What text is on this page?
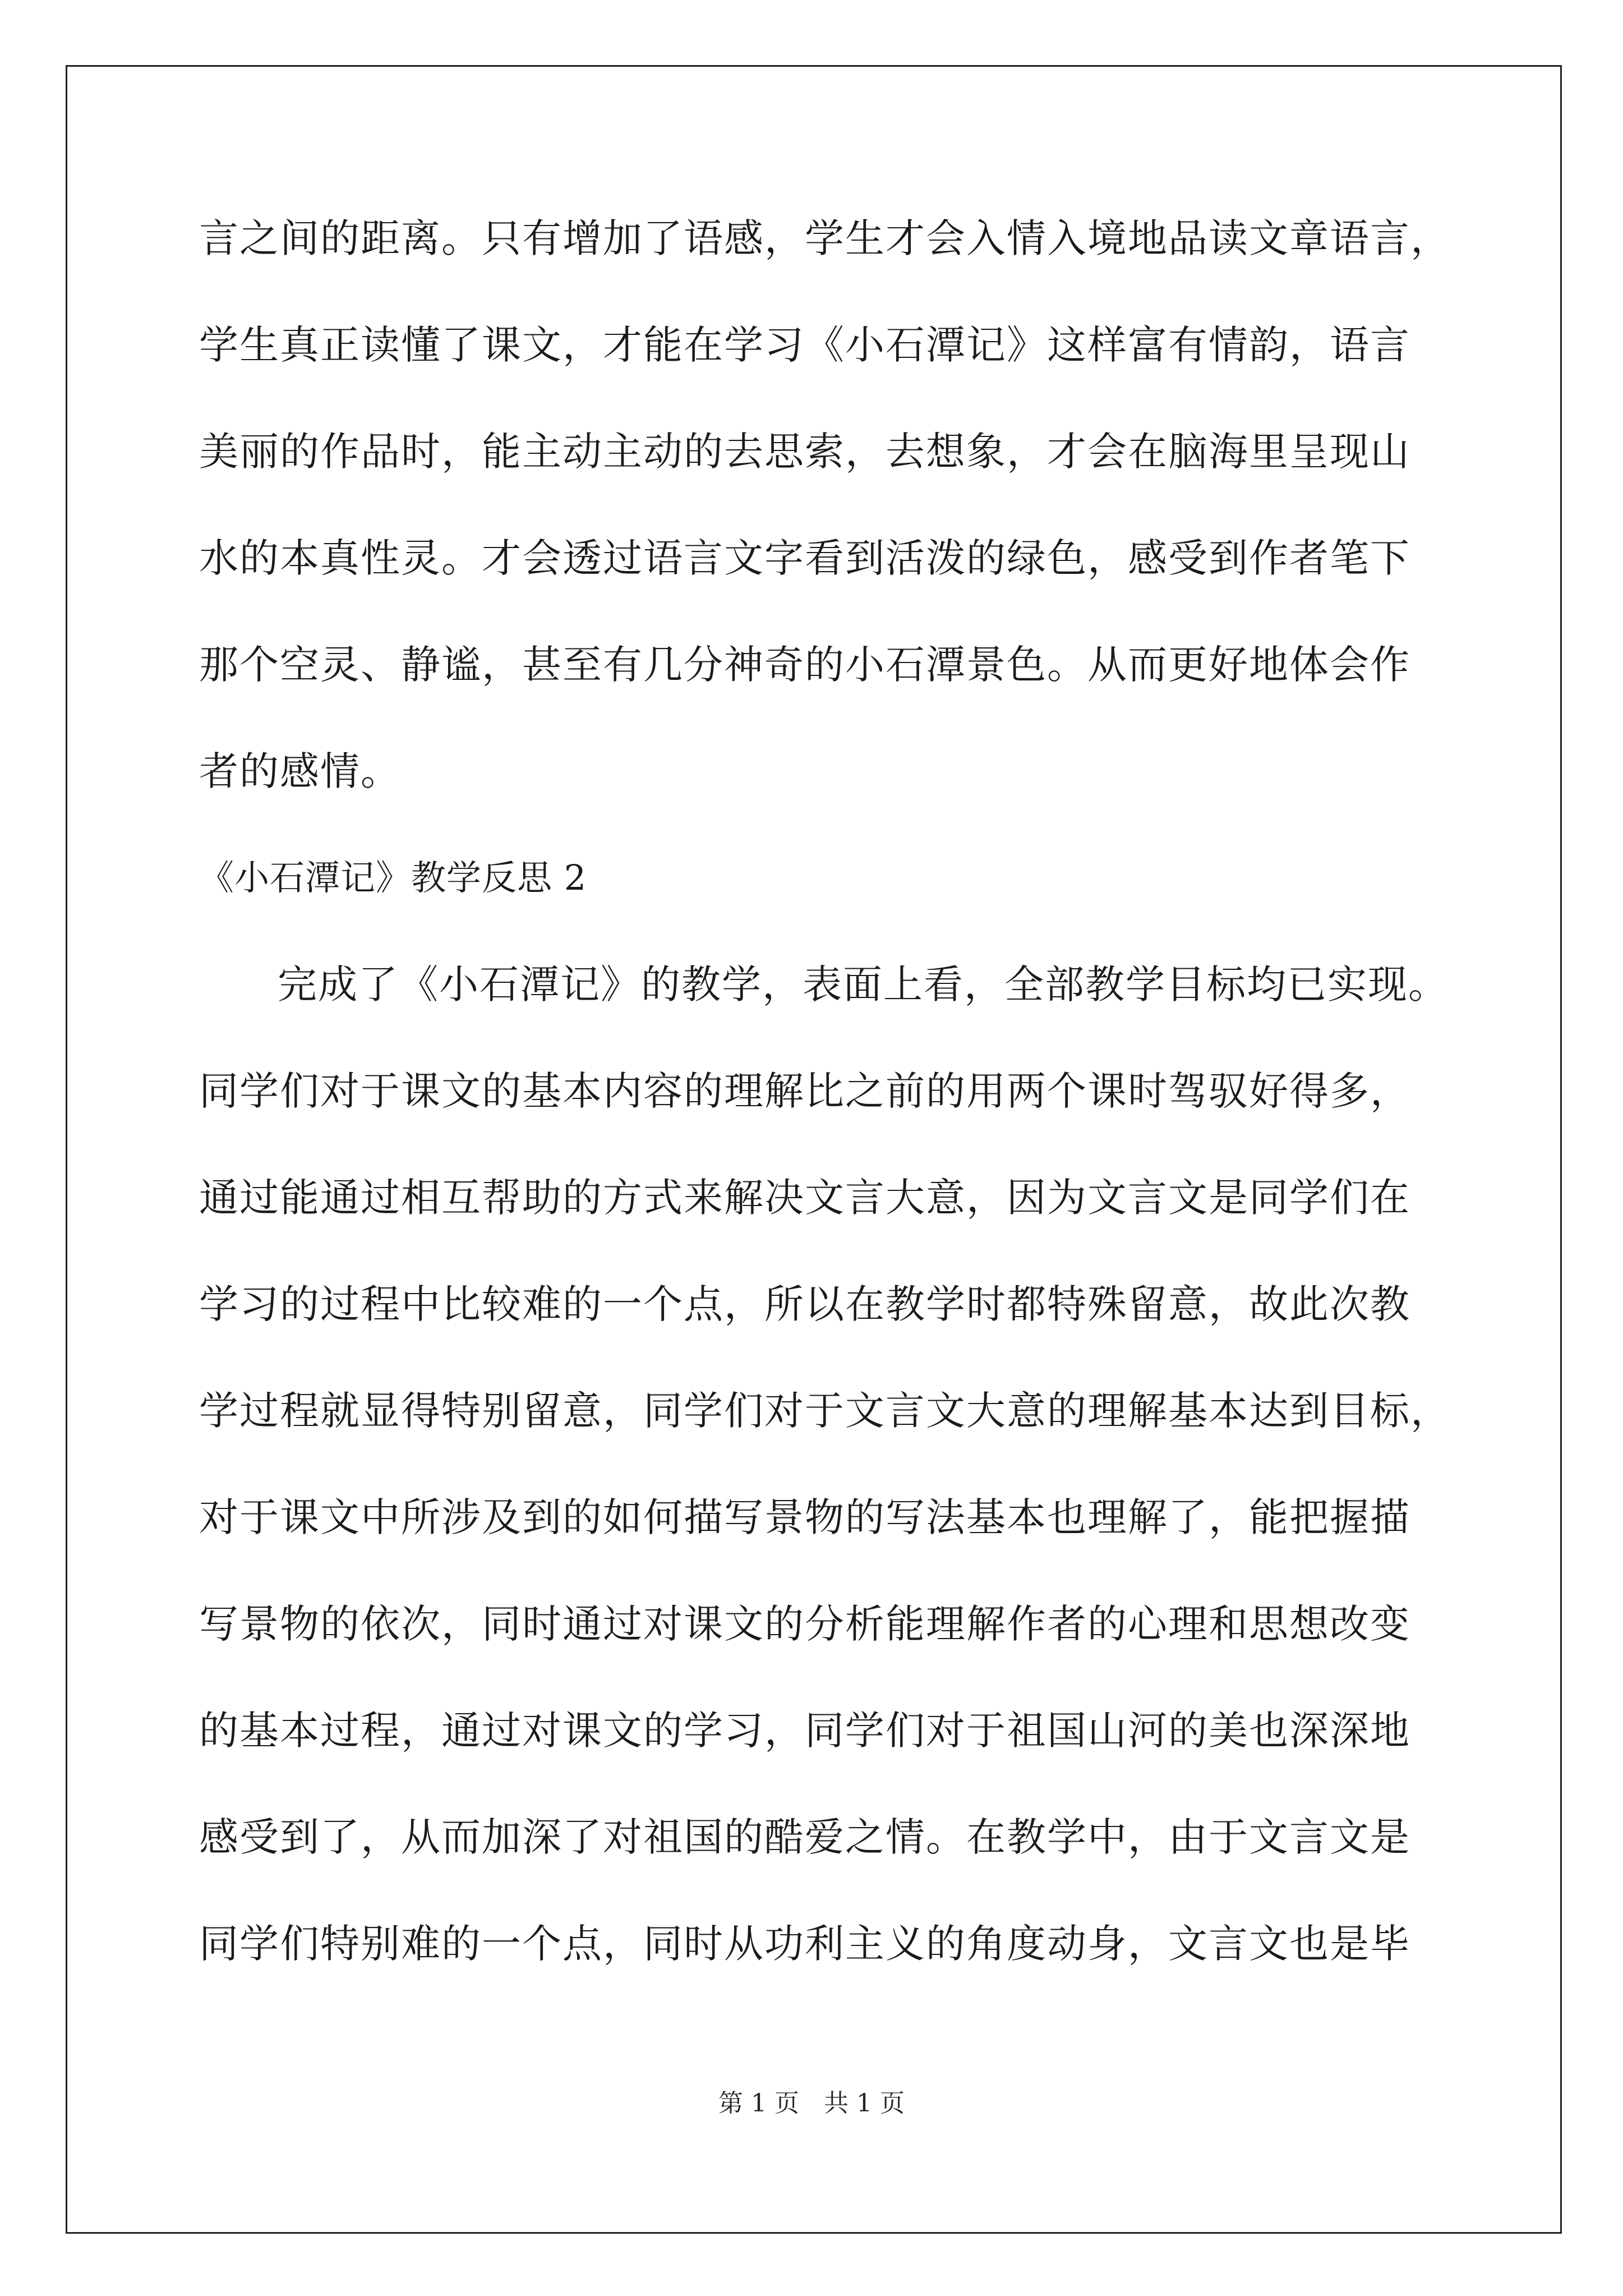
言之间的距离。只有增加了语感，学生才会入情入境地品读文章语言，
学生真正读懂了课文，才能在学习《小石潭记》这样富有情韵，语言
美丽的作品时，能主动主动的去思索，去想象，才会在脑海里呈现山
水的本真性灵。才会透过语言文字看到活泼的绿色，感受到作者笔下
那个空灵、静谧，甚至有几分神奇的小石潭景色。从而更好地体会作
者的感情。
《小石潭记》教学反思 2
完成了《小石潭记》的教学，表面上看，全部教学目标均已实现。
同学们对于课文的基本内容的理解比之前的用两个课时驾驭好得多，
通过能通过相互帮助的方式来解决文言大意，因为文言文是同学们在
学习的过程中比较难的一个点，所以在教学时都特殊留意，故此次教
学过程就显得特别留意，同学们对于文言文大意的理解基本达到目标，
对于课文中所涉及到的如何描写景物的写法基本也理解了，能把握描
写景物的依次，同时通过对课文的分析能理解作者的心理和思想改变
的基本过程，通过对课文的学习，同学们对于祖国山河的美也深深地
感受到了，从而加深了对祖国的酷爱之情。在教学中，由于文言文是
同学们特别难的一个点，同时从功利主义的角度动身，文言文也是毕
第 1 页　共 1 页
